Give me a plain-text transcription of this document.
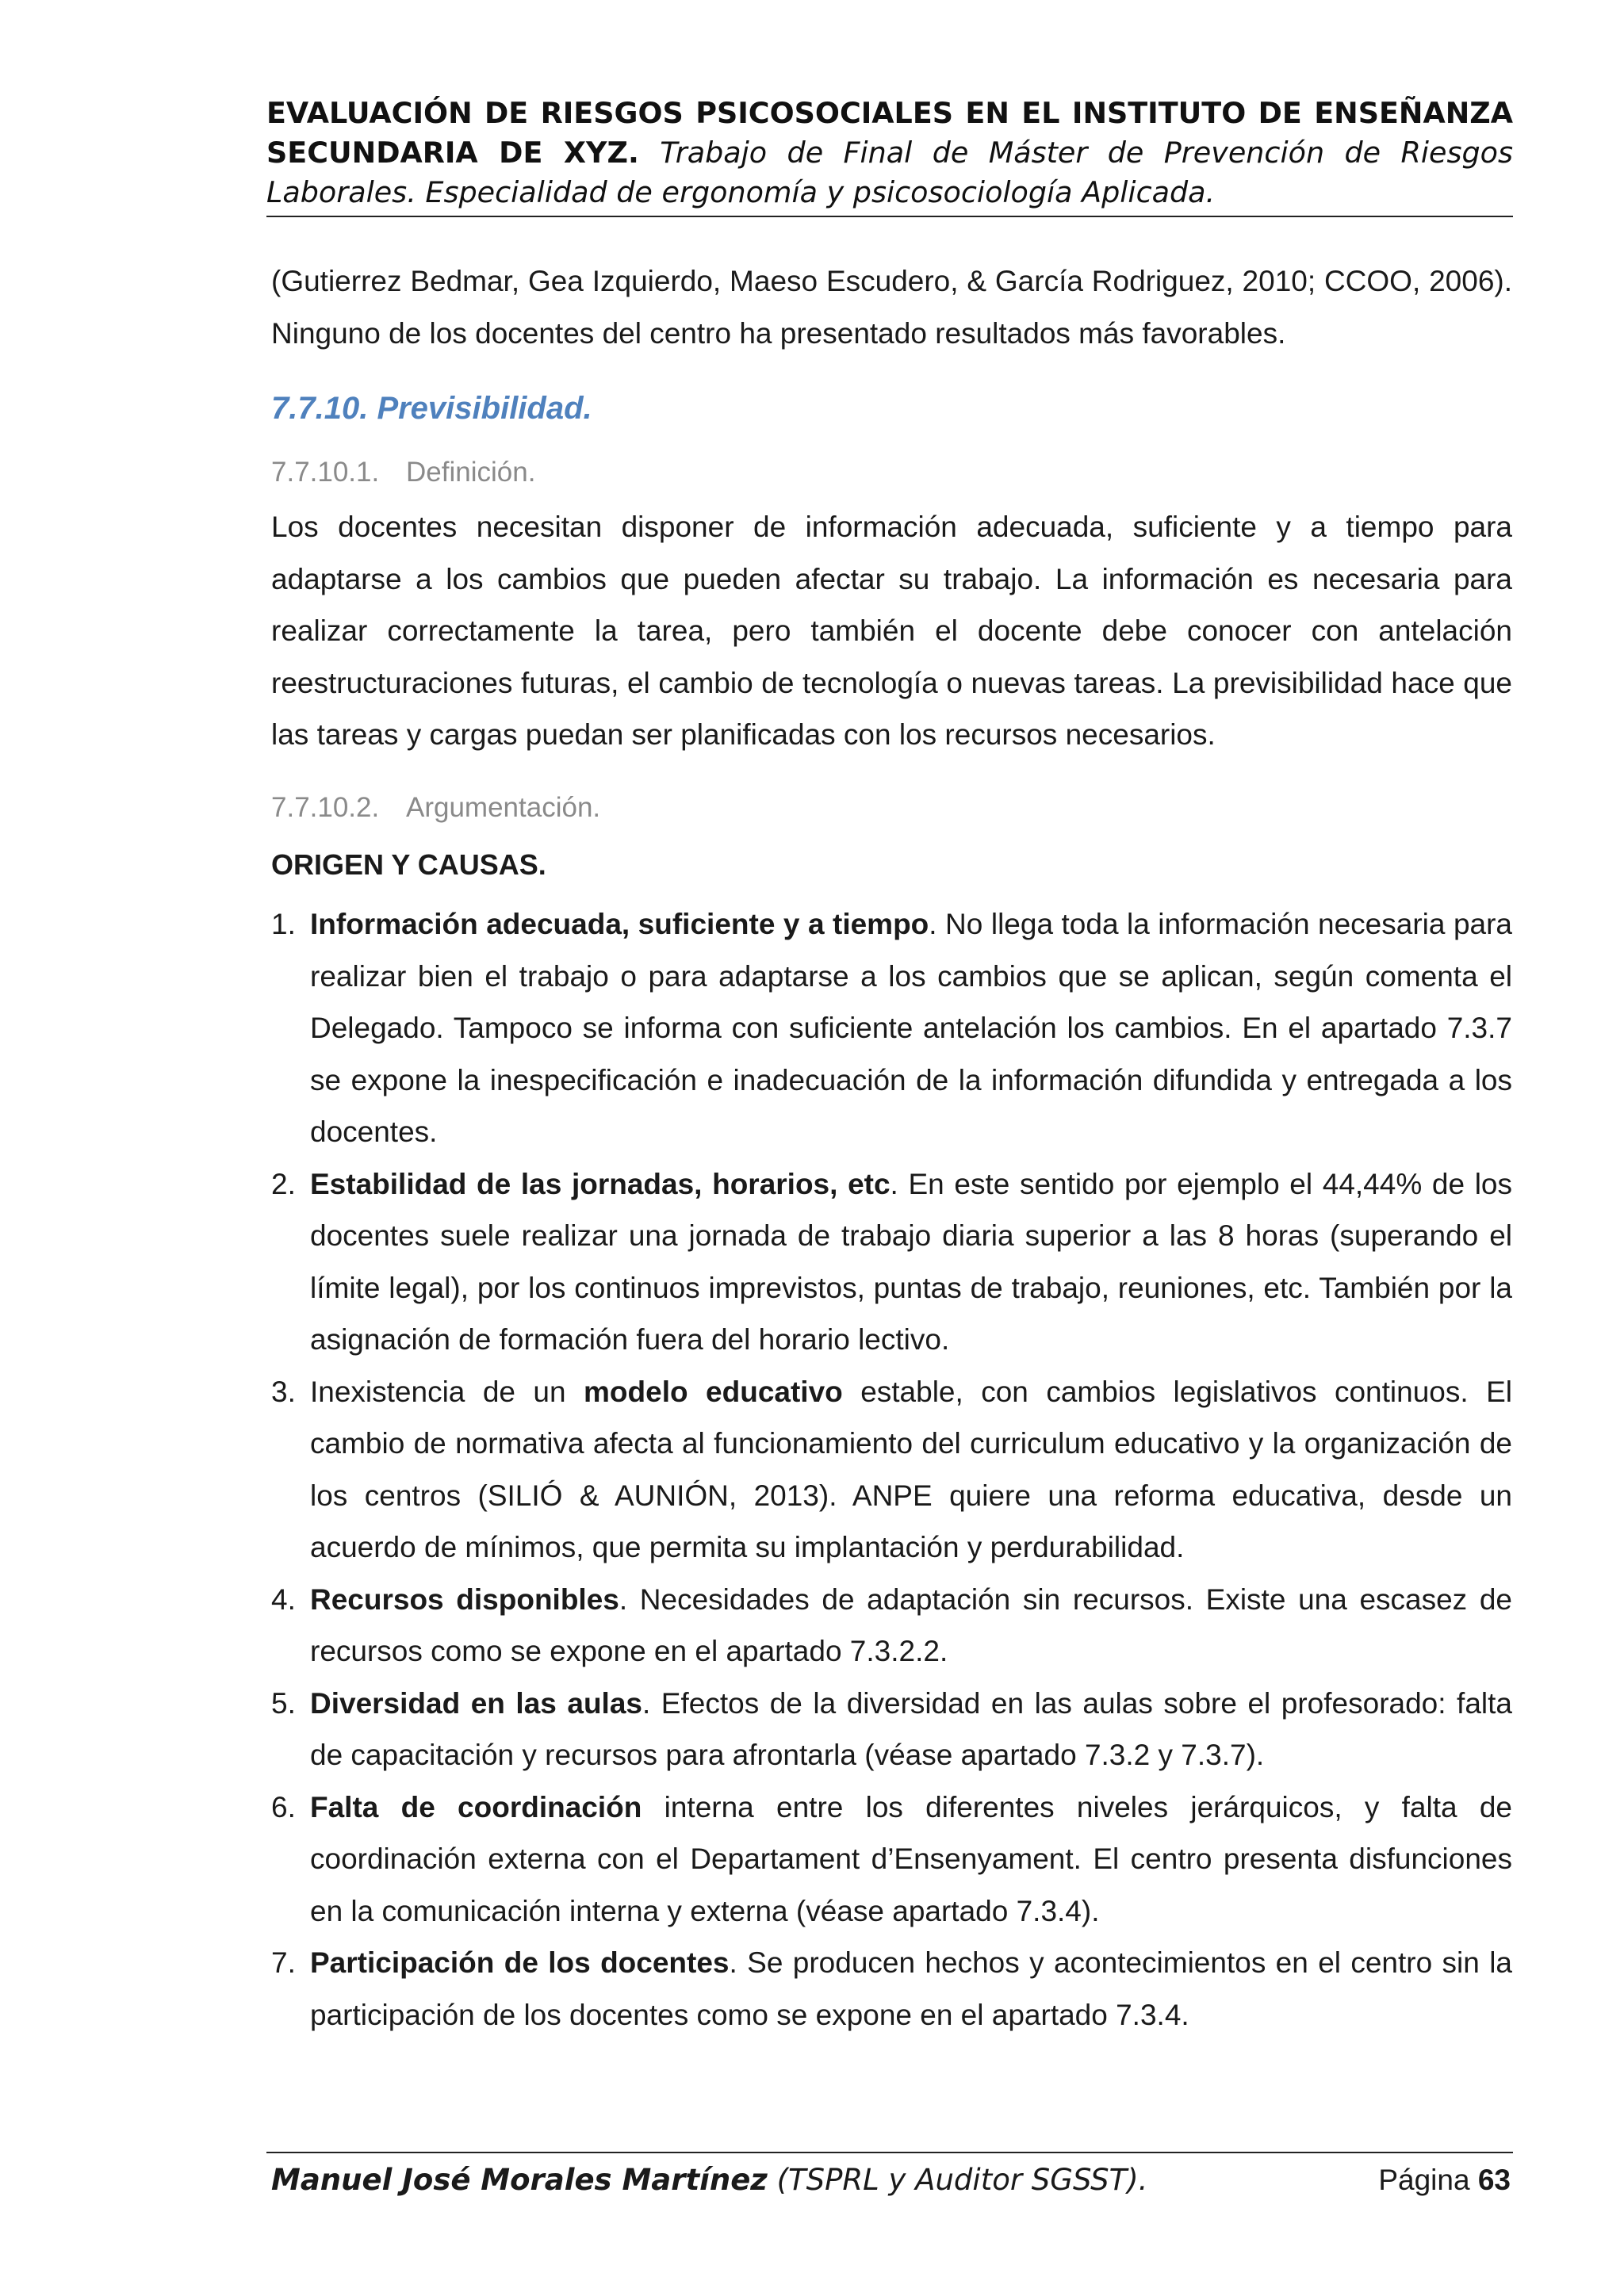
EVALUACIÓN DE RIESGOS PSICOSOCIALES EN EL INSTITUTO DE ENSEÑANZA SECUNDARIA DE XYZ. Trabajo de Final de Máster de Prevención de Riesgos Laborales. Especialidad de ergonomía y psicosociología Aplicada.

(Gutierrez Bedmar, Gea Izquierdo, Maeso Escudero, & García Rodriguez, 2010; CCOO, 2006). Ninguno de los docentes del centro ha presentado resultados más favorables.

7.7.10. Previsibilidad.
7.7.10.1. Definición.

Los docentes necesitan disponer de información adecuada, suficiente y a tiempo para adaptarse a los cambios que pueden afectar su trabajo. La información es necesaria para realizar correctamente la tarea, pero también el docente debe conocer con antelación reestructuraciones futuras, el cambio de tecnología o nuevas tareas. La previsibilidad hace que las tareas y cargas puedan ser planificadas con los recursos necesarios.

7.7.10.2. Argumentación.
ORIGEN Y CAUSAS.
1. Información adecuada, suficiente y a tiempo. No llega toda la información necesaria para realizar bien el trabajo o para adaptarse a los cambios que se aplican, según comenta el Delegado. Tampoco se informa con suficiente antelación los cambios. En el apartado 7.3.7 se expone la inespecificación e inadecuación de la información difundida y entregada a los docentes.
2. Estabilidad de las jornadas, horarios, etc. En este sentido por ejemplo el 44,44% de los docentes suele realizar una jornada de trabajo diaria superior a las 8 horas (superando el límite legal), por los continuos imprevistos, puntas de trabajo, reuniones, etc. También por la asignación de formación fuera del horario lectivo.
3. Inexistencia de un modelo educativo estable, con cambios legislativos continuos. El cambio de normativa afecta al funcionamiento del curriculum educativo y la organización de los centros (SILIÓ & AUNIÓN, 2013). ANPE quiere una reforma educativa, desde un acuerdo de mínimos, que permita su implantación y perdurabilidad.
4. Recursos disponibles. Necesidades de adaptación sin recursos. Existe una escasez de recursos como se expone en el apartado 7.3.2.2.
5. Diversidad en las aulas. Efectos de la diversidad en las aulas sobre el profesorado: falta de capacitación y recursos para afrontarla (véase apartado 7.3.2 y 7.3.7).
6. Falta de coordinación interna entre los diferentes niveles jerárquicos, y falta de coordinación externa con el Departament d’Ensenyament. El centro presenta disfunciones en la comunicación interna y externa (véase apartado 7.3.4).
7. Participación de los docentes. Se producen hechos y acontecimientos en el centro sin la participación de los docentes como se expone en el apartado 7.3.4.
Manuel José Morales Martínez (TSPRL y Auditor SGSST).	Página 63
